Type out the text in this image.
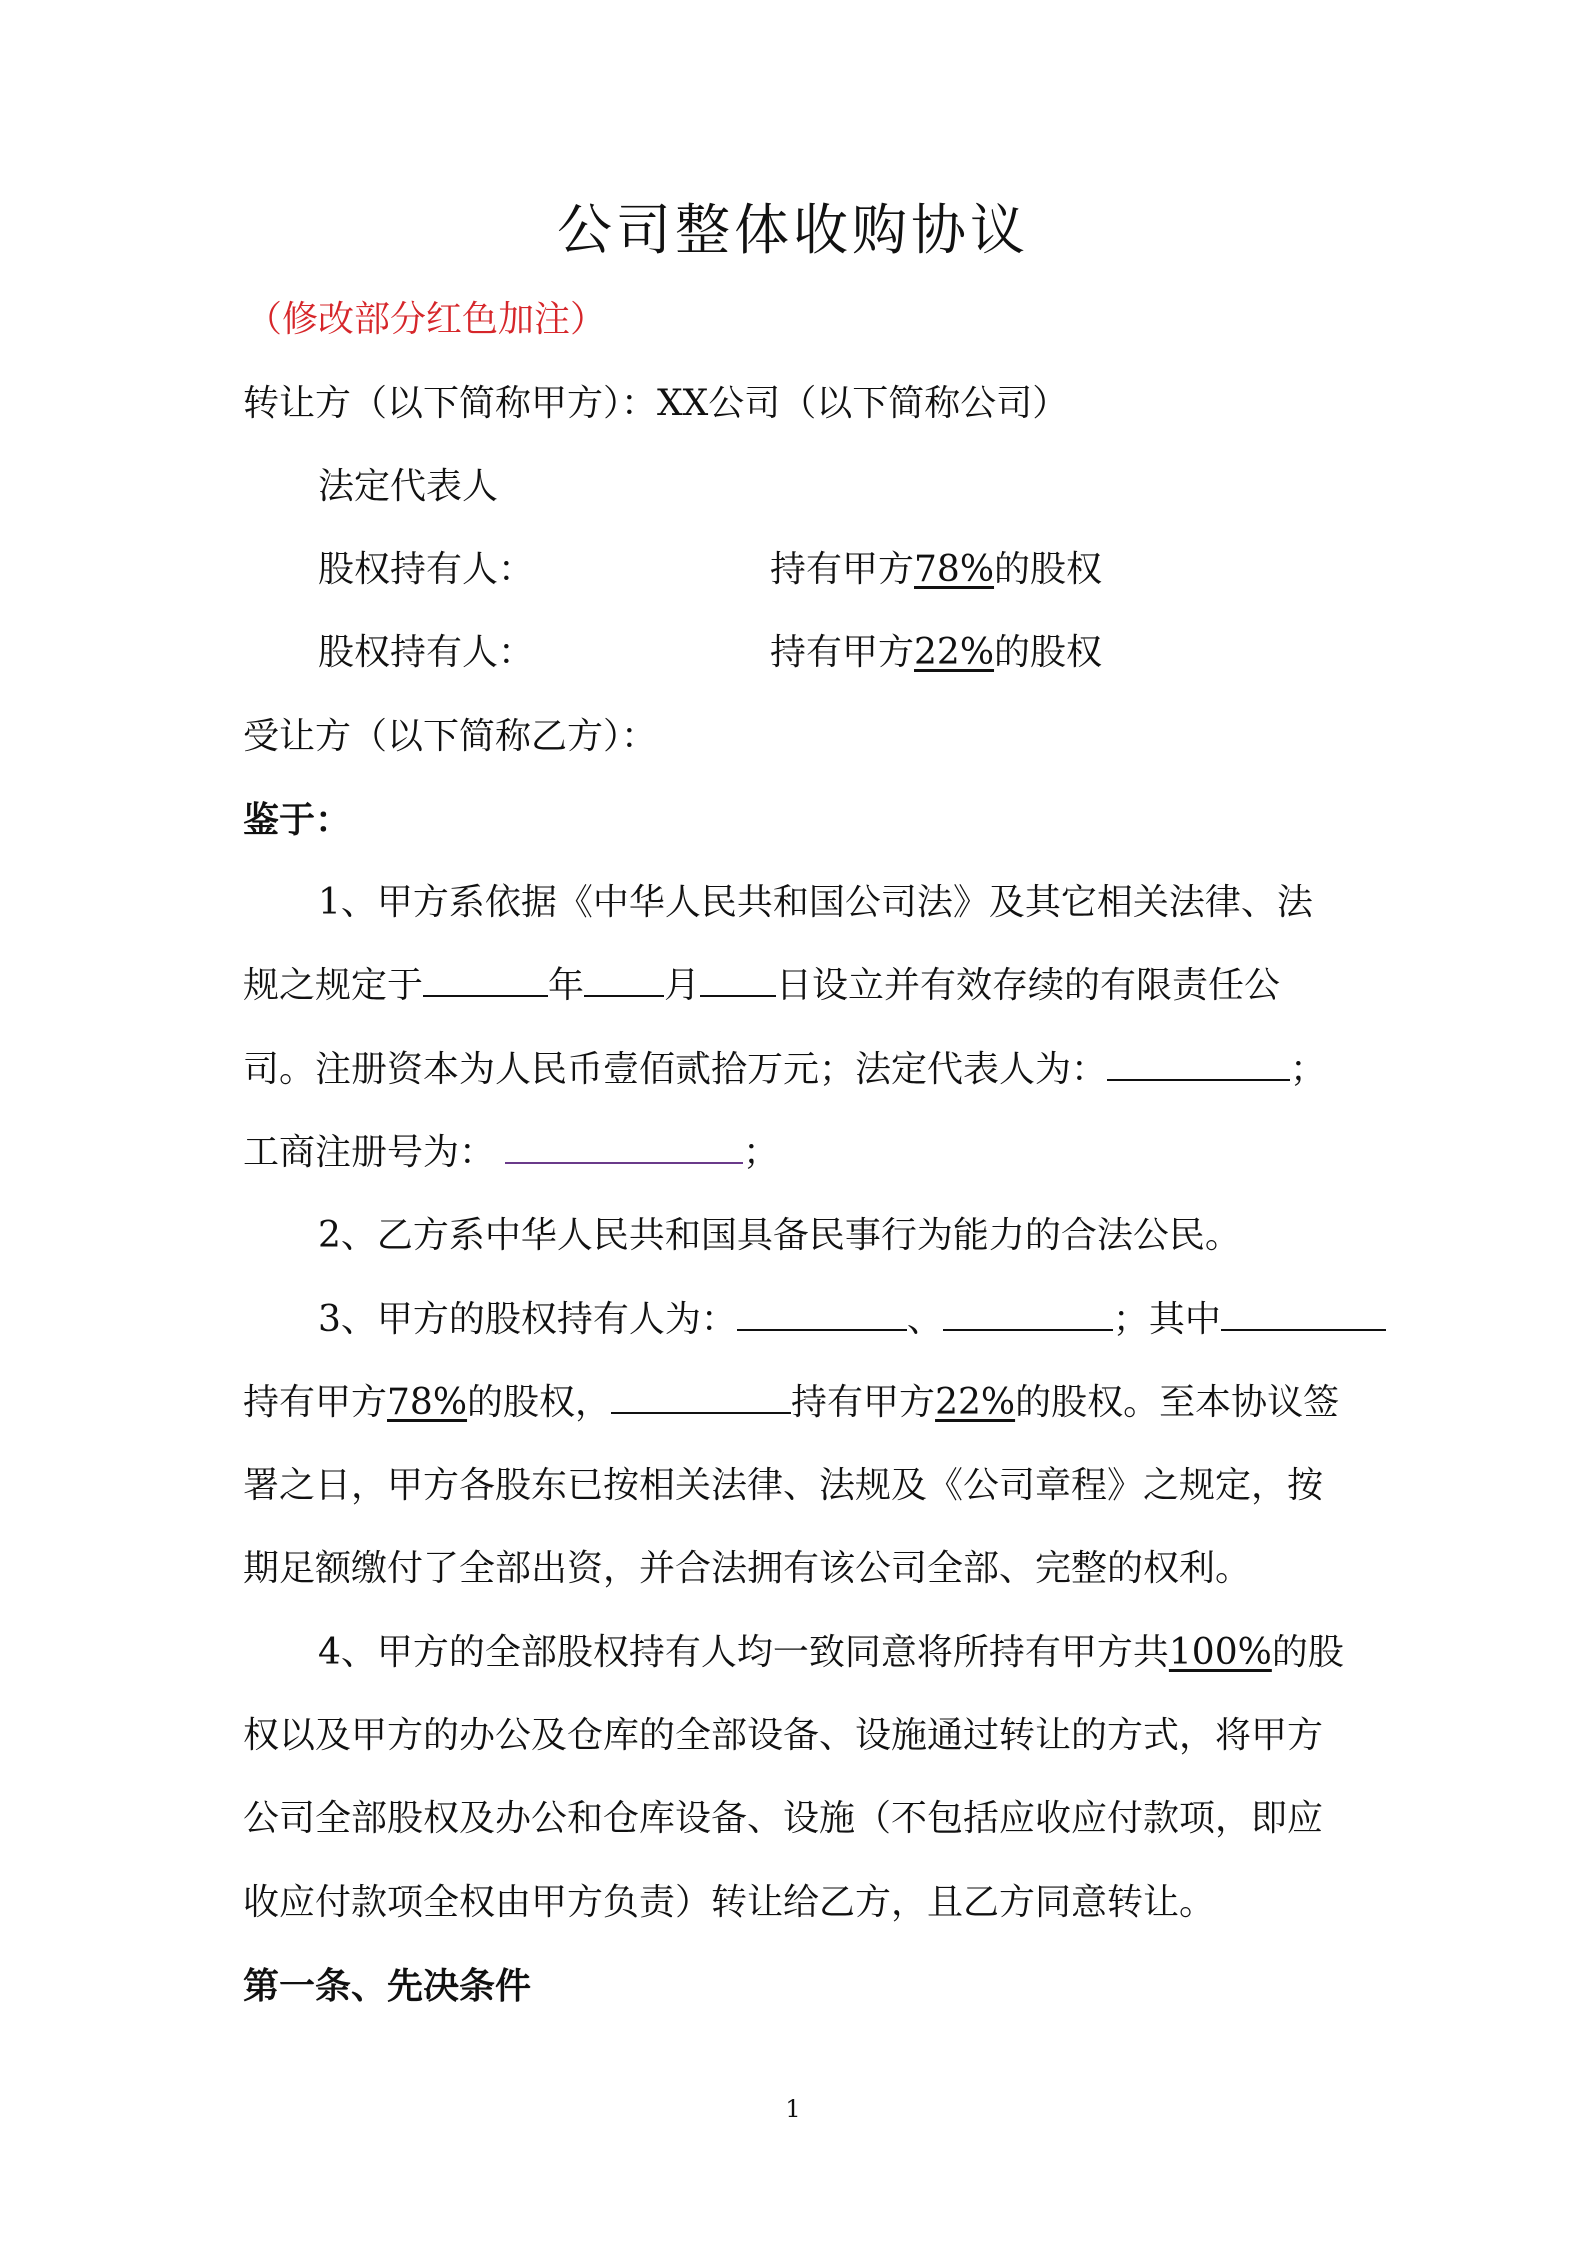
公司整体收购协议
（修改部分红色加注）
转让方（以下简称甲方）：XX公司（以下简称公司）
法定代表人
股权持有人：	持有甲方78%的股权
股权持有人：	持有甲方22%的股权
受让方（以下简称乙方）：
鉴于：
1、甲方系依据《中华人民共和国公司法》及其它相关法律、法
规之规定于	年 月 日设立并有效存续的有限责任公
司。注册资本为人民币壹佰贰拾万元；法定代表人为：	；
工商注册号为：	；
2、乙方系中华人民共和国具备民事行为能力的合法公民。
3、甲方的股权持有人为：	、	；其中
持有甲方78%的股权，	持有甲方22%的股权。至本协议签
署之日，甲方各股东已按相关法律、法规及《公司章程》之规定，按
期足额缴付了全部出资，并合法拥有该公司全部、完整的权利。
4、甲方的全部股权持有人均一致同意将所持有甲方共100%的股
权以及甲方的办公及仓库的全部设备、设施通过转让的方式，将甲方
公司全部股权及办公和仓库设备、设施（不包括应收应付款项，即应
收应付款项全权由甲方负责）转让给乙方，且乙方同意转让。
第一条、先决条件
1
